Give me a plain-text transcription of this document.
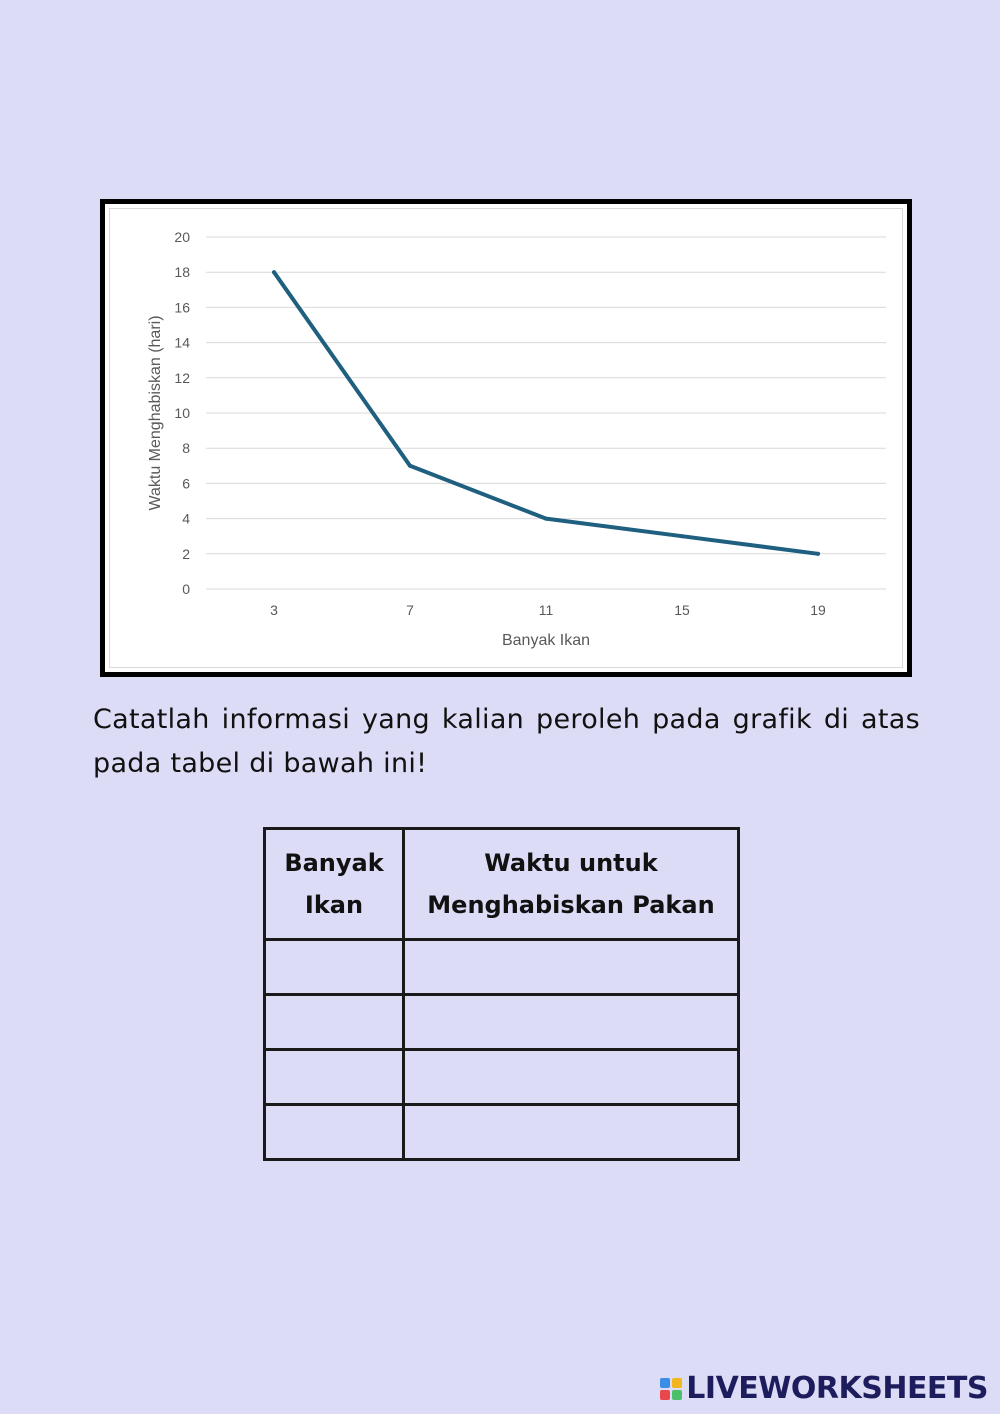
0
2
4
6
8
10
12
14
16
18
20
3	7	11	15	19
Banyak Ikan
Waktu Menghabiskan (hari)
Catatlah informasi yang kalian peroleh pada grafik di atas pada tabel di bawah ini!
Banyak Ikan	Waktu untuk Menghabiskan Pakan

LIVEWORKSHEETS
